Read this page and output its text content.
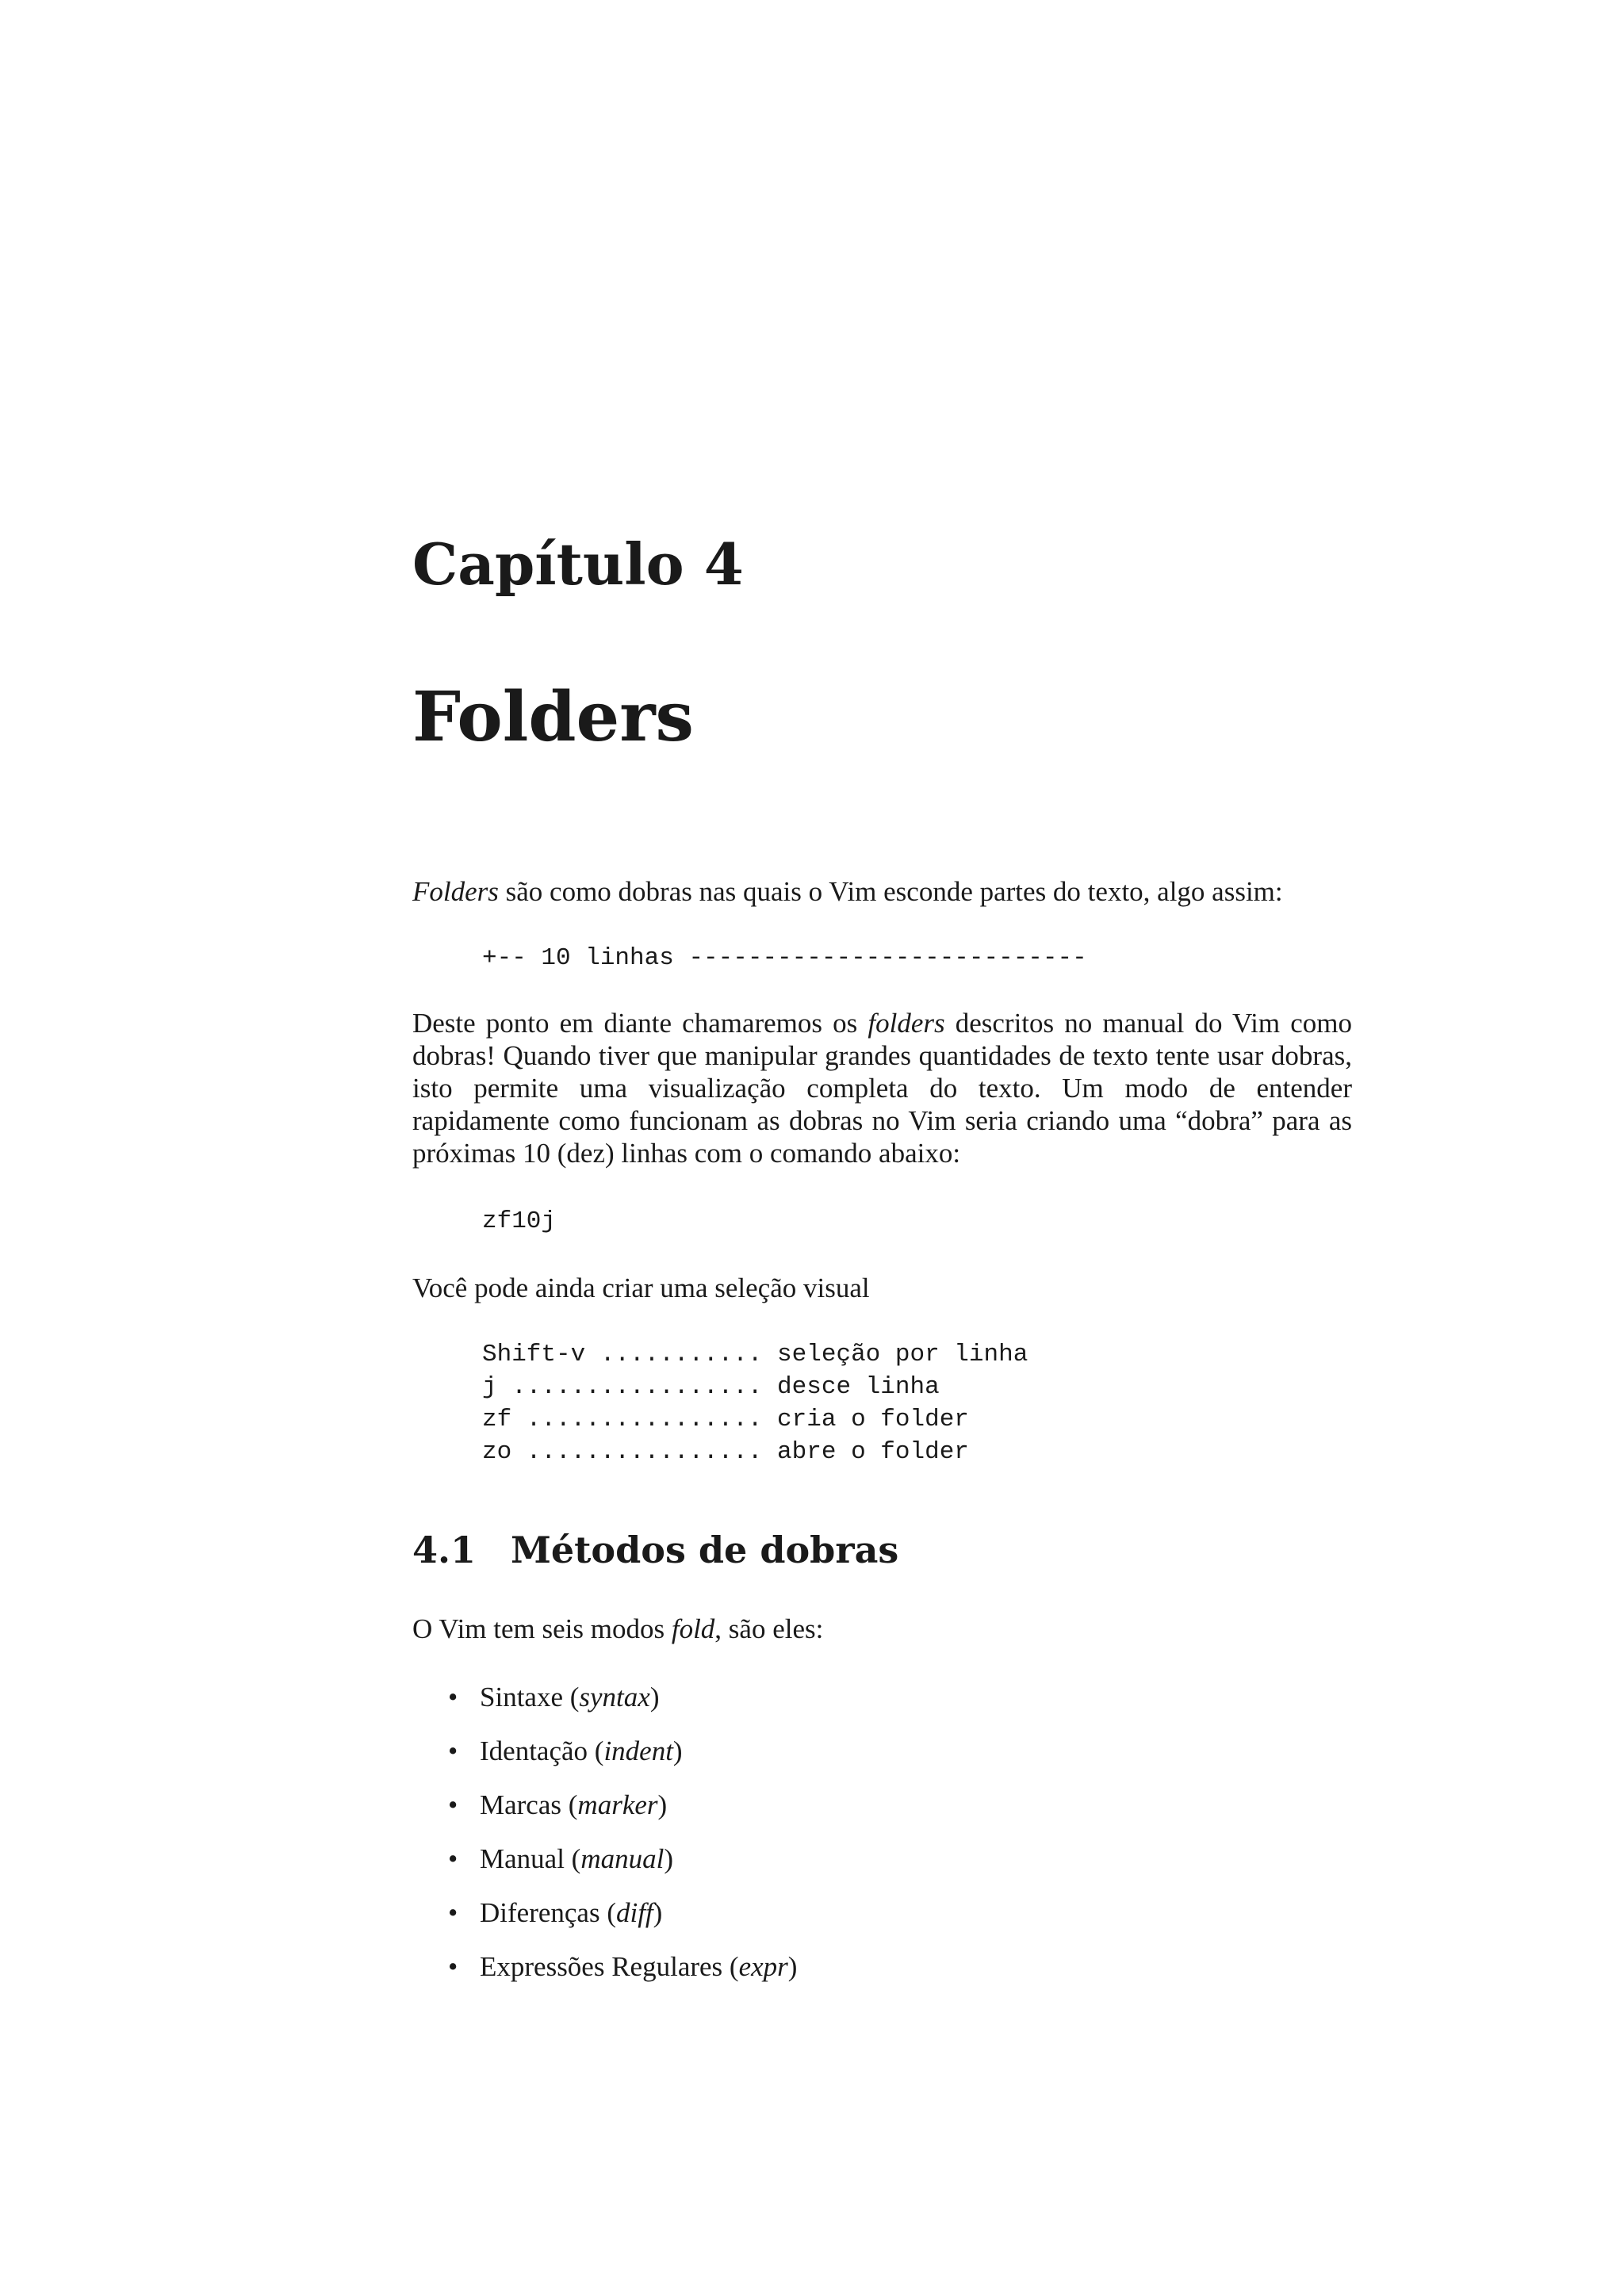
Capítulo 4
Folders

Folders são como dobras nas quais o Vim esconde partes do texto, algo assim:

+-- 10 linhas ---------------------------

Deste ponto em diante chamaremos os folders descritos no manual do Vim como dobras! Quando tiver que manipular grandes quantidades de texto tente usar dobras, isto permite uma visualização completa do texto. Um modo de entender rapidamente como funcionam as dobras no Vim seria criando uma “dobra” para as próximas 10 (dez) linhas com o comando abaixo:

zf10j

Você pode ainda criar uma seleção visual

Shift-v ........... seleção por linha
j ................. desce linha
zf ................ cria o folder
zo ................ abre o folder
4.1 Métodos de dobras

O Vim tem seis modos fold, são eles:

• Sintaxe (syntax)
• Identação (indent)
• Marcas (marker)
• Manual (manual)
• Diferenças (diff)
• Expressões Regulares (expr)
